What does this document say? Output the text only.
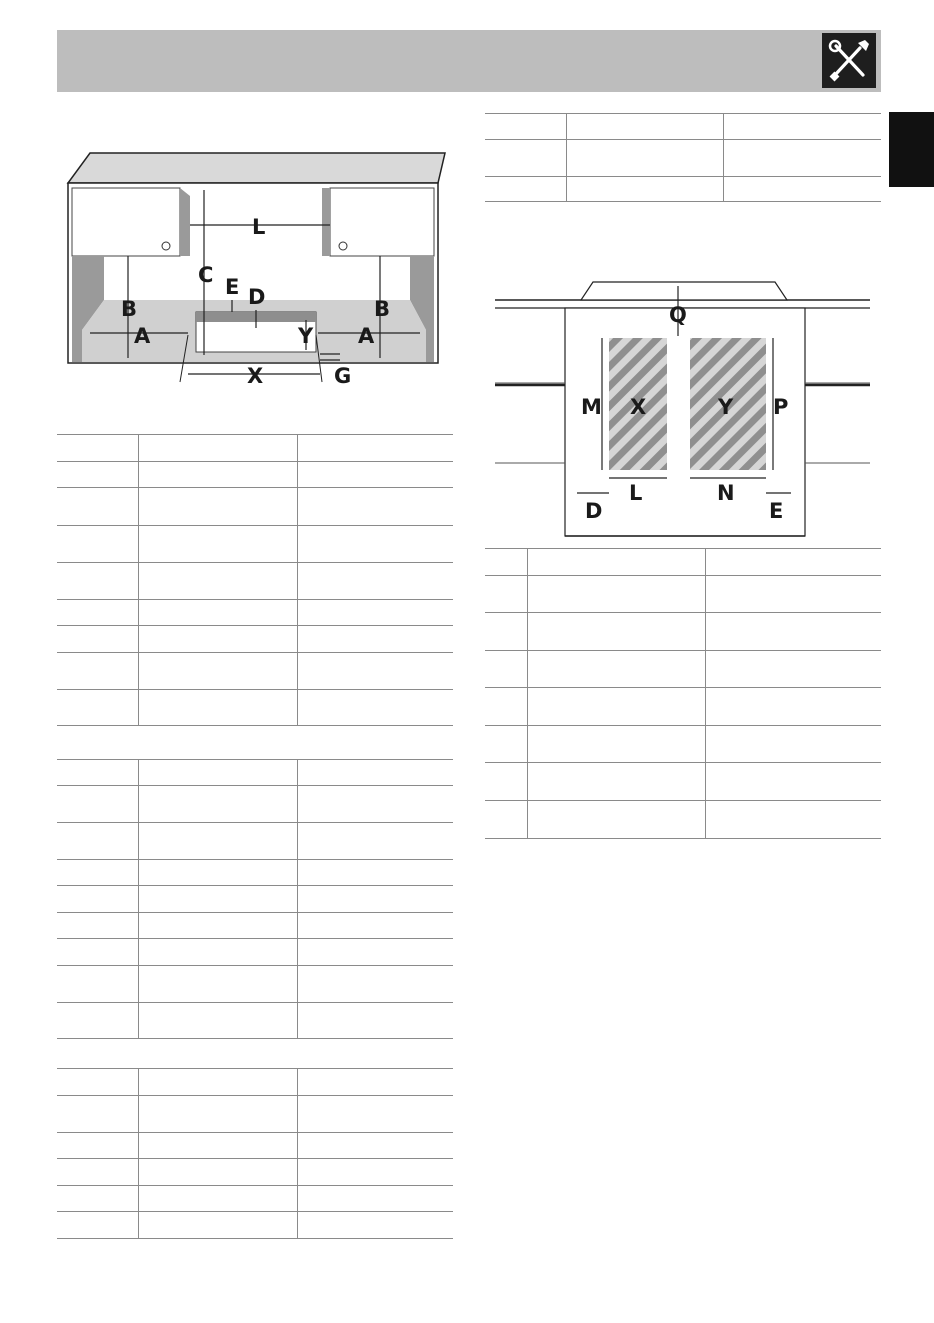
L
C E D
B	B
A	A
Y
X	G
Q
M X	Y P
L	N
D	E
